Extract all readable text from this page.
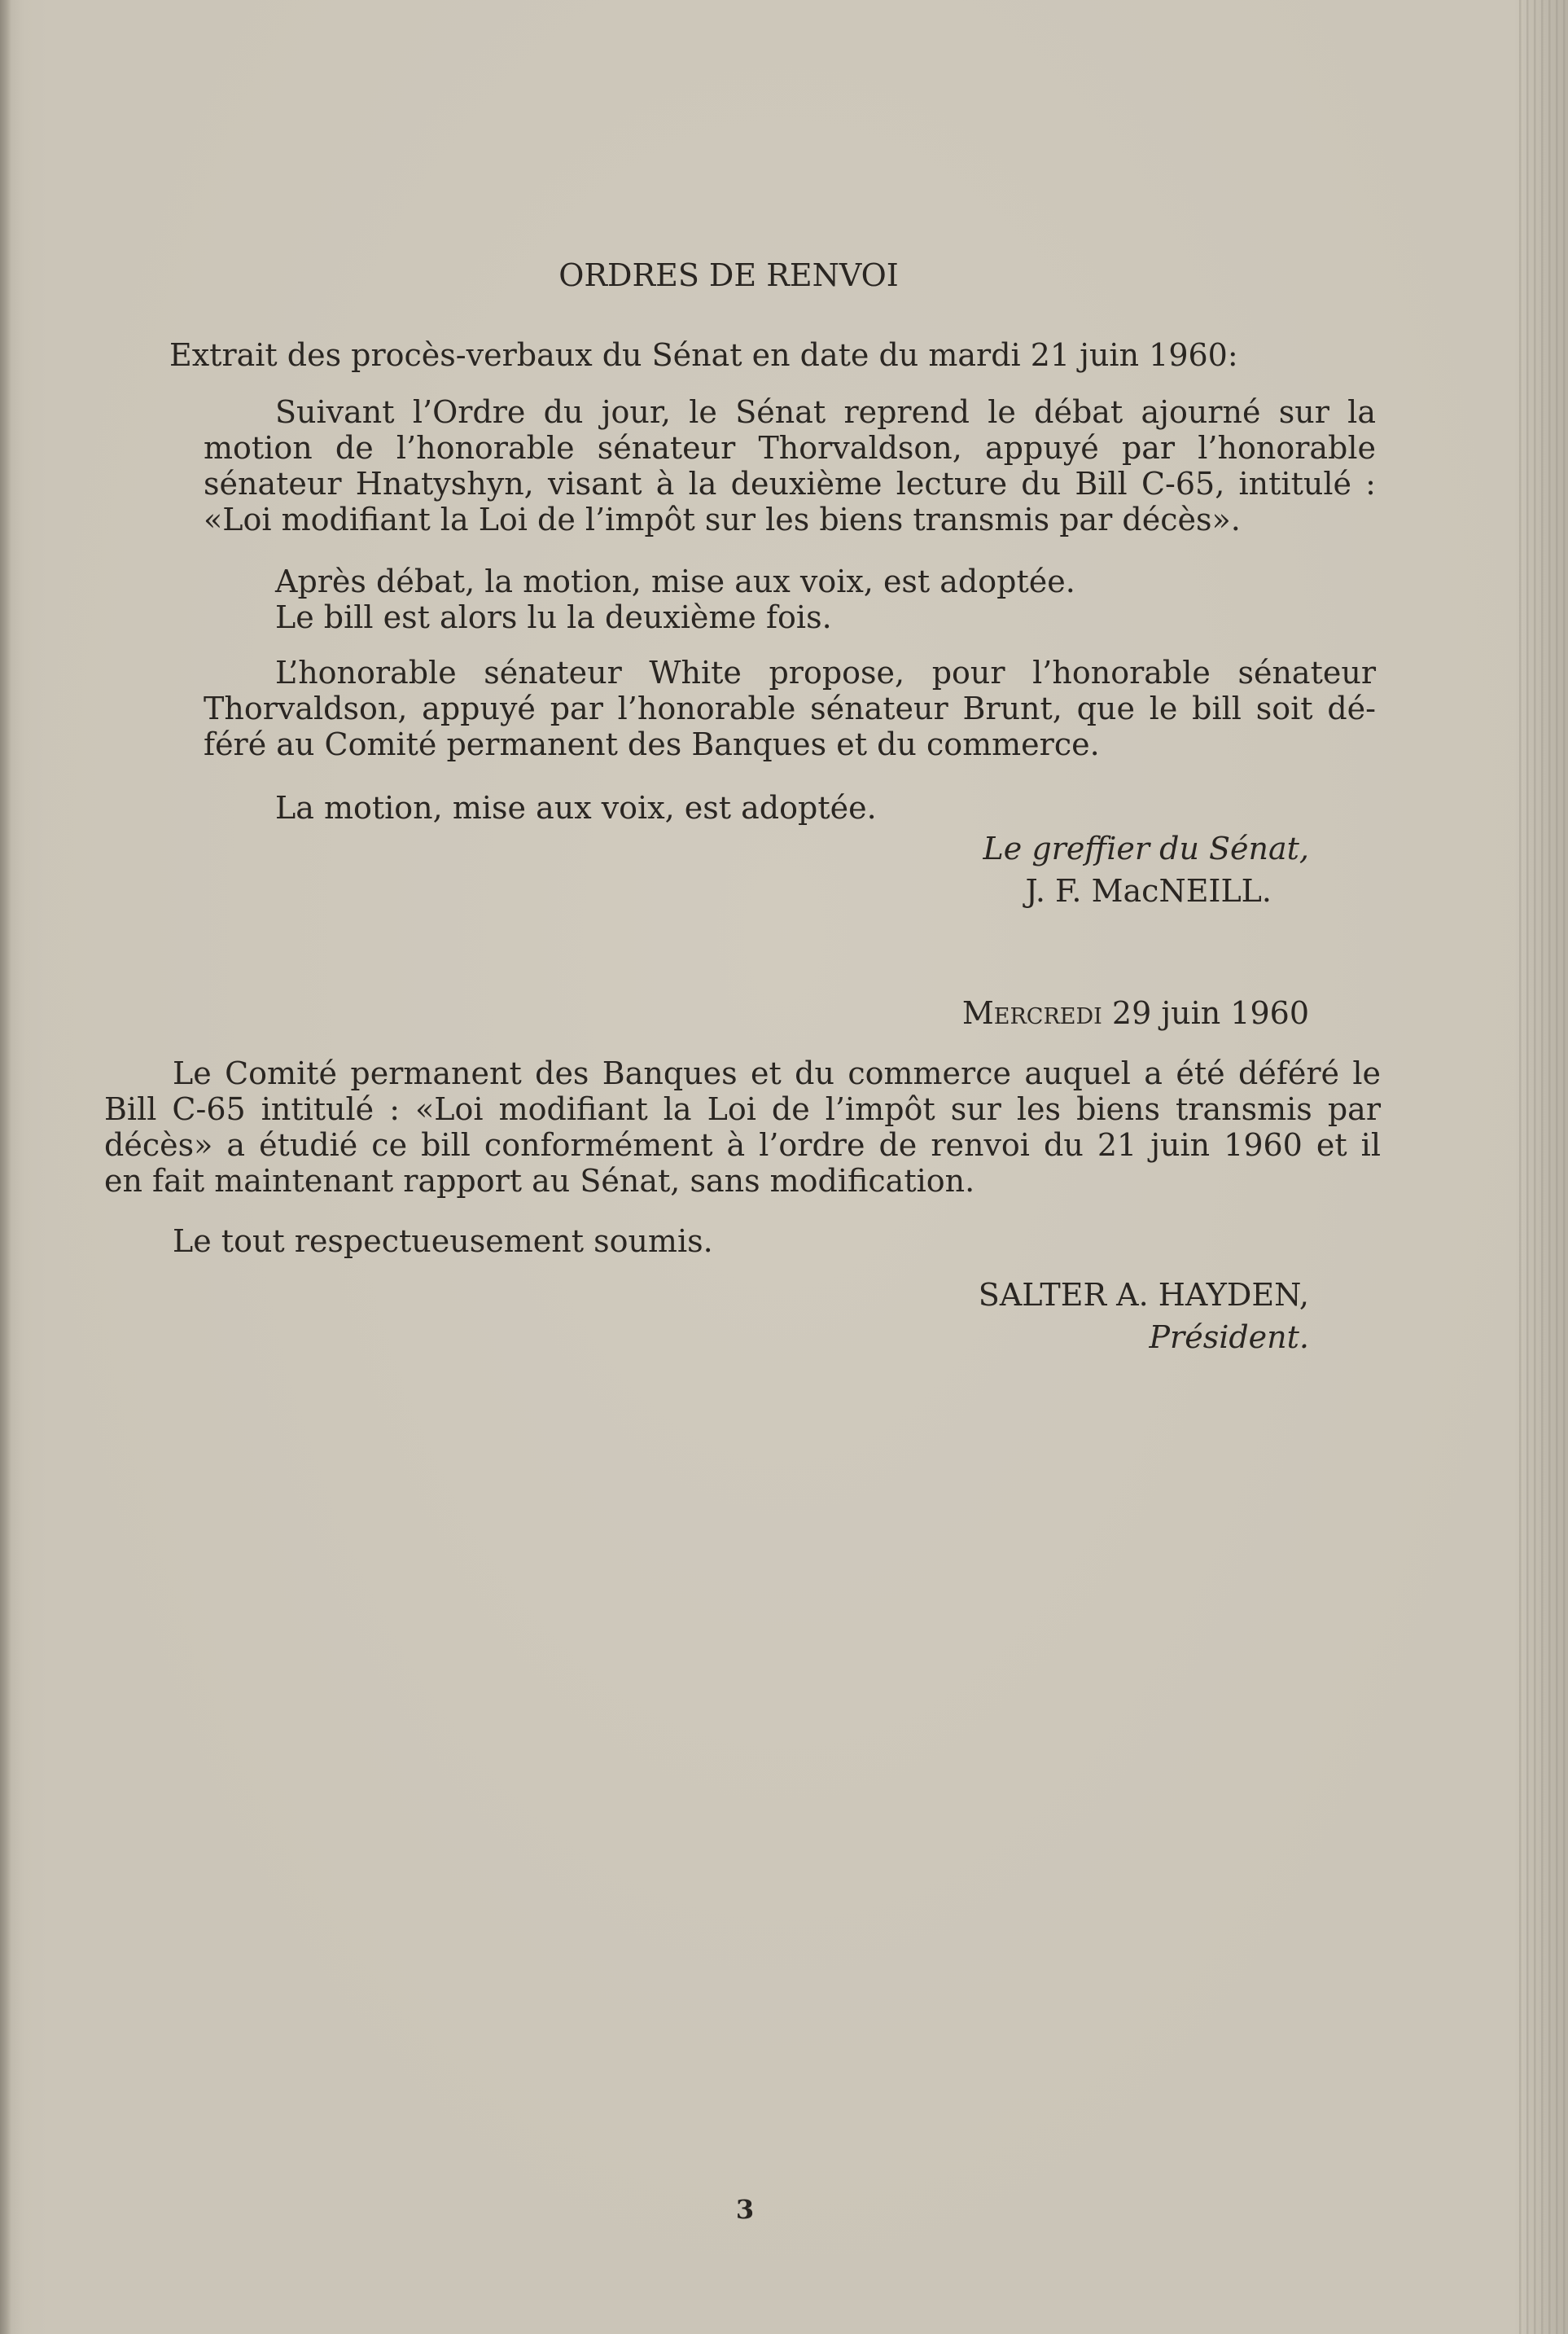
ORDRES DE RENVOI
Extrait des procès-verbaux du Sénat en date du mardi 21 juin 1960:
Suivant l’Ordre du jour, le Sénat reprend le débat ajourné sur la
motion de l’honorable sénateur Thorvaldson, appuyé par l’honorable
sénateur Hnatyshyn, visant à la deuxième lecture du Bill C-65, intitulé :
«Loi modifiant la Loi de l’impôt sur les biens transmis par décès».
Après débat, la motion, mise aux voix, est adoptée.
Le bill est alors lu la deuxième fois.
L’honorable sénateur White propose, pour l’honorable sénateur
Thorvaldson, appuyé par l’honorable sénateur Brunt, que le bill soit dé-
féré au Comité permanent des Banques et du commerce.
La motion, mise aux voix, est adoptée.
Le greffier du Sénat,
J. F. MacNEILL.
Mercredi 29 juin 1960
Le Comité permanent des Banques et du commerce auquel a été déféré le
Bill C-65 intitulé : «Loi modifiant la Loi de l’impôt sur les biens transmis par
décès» a étudié ce bill conformément à l’ordre de renvoi du 21 juin 1960 et il
en fait maintenant rapport au Sénat, sans modification.
Le tout respectueusement soumis.
SALTER A. HAYDEN,
Président.
3
